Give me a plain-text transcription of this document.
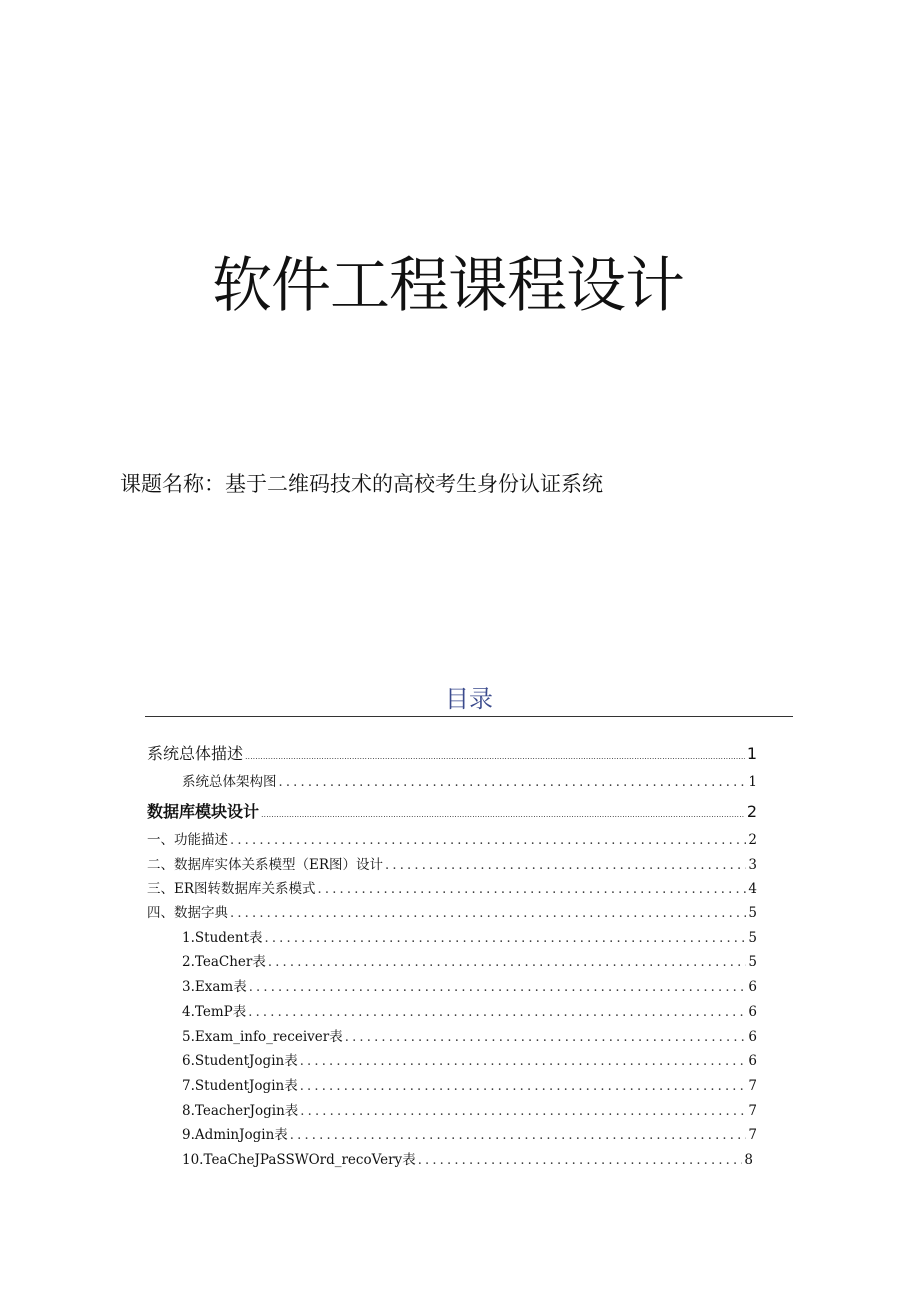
软件工程课程设计
课题名称：基于二维码技术的高校考生身份认证系统
目录
系统总体描述 .....	1
系统总体架构图 .....	1
数据库模块设计 .....	2
一、 功能描述 .....	2
二、 数据库实体关系模型（ER图）设计 .....	3
三、 ER图转数据库关系模式 .....	4
四、 数据字典 .....	5
1. Student表 .....	5
2. TeaCher表 .....	5
3. Exam表 .....	6
4. TemP表 .....	6
5. Exam_info_receiver表 .....	6
6. StudentJogin表 .....	6
7. StudentJogin表 .....	7
8. TeacherJogin表 .....	7
9. AdminJogin表 .....	7
10. TeaCheJPaSSWOrd_recoVery表 .....	8
